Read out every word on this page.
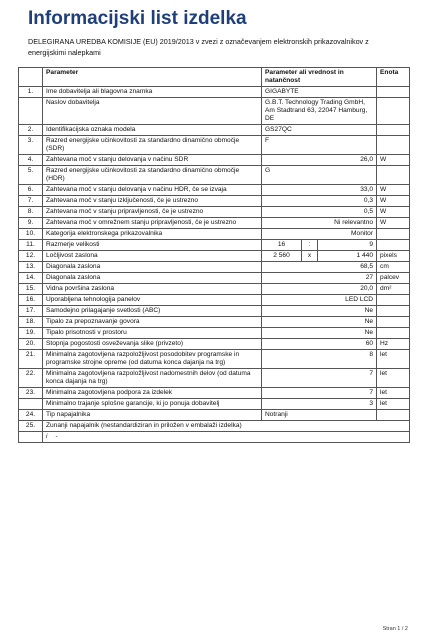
Informacijski list izdelka
DELEGIRANA UREDBA KOMISIJE (EU) 2019/2013 v zvezi z označevanjem elektronskih prikazovalnikov z energijskimi nalepkami
	Parameter	Parameter ali vrednost in natančnost			Enota
1.	Ime dobavitelja ali blagovna znamka	GIGABYTE			
	Naslov dobavitelja	G.B.T. Technology Trading GmbH, Am Stadtrand 63, 22047 Hamburg, DE			
2.	Identifikacijska oznaka modela	GS27QC			
3.	Razred energijske učinkovitosti za standardno dinamično območje (SDR)	F			
4.	Zahtevana moč v stanju delovanja v načinu SDR	26,0			W
5.	Razred energijske učinkovitosti za standardno dinamično območje (HDR)	G			
6.	Zahtevana moč v stanju delovanja v načinu HDR, če se izvaja	33,0			W
7.	Zahtevana moč v stanju izključenosti, če je ustrezno	0,3			W
8.	Zahtevana moč v stanju pripravljenosti, če je ustrezno	0,5			W
9.	Zahtevana moč v omrežnem stanju pripravljenosti, če je ustrezno	Ni relevantno			W
10.	Kategorija elektronskega prikazovalnika	Monitor			
11.	Razmerje velikosti	16	:	9	
12.	Ločljivost zaslona	2 560	x	1 440	pixels
13.	Diagonala zaslona	68,5			cm
14.	Diagonala zaslona	27			palcev
15.	Vidna površina zaslona	20,0			dm²
16.	Uporabljena tehnologija panelov	LED LCD			
17.	Samodejno prilagajanje svetlosti (ABC)	Ne			
18.	Tipalo za prepoznavanje govora	Ne			
19.	Tipalo prisotnosti v prostoru	Ne			
20.	Stopnja pogostosti osveževanja slike (privzeto)	60			Hz
21.	Minimalna zagotovljena razpoložljivost posodobitev programske in programske strojne opreme (od datuma konca dajanja na trg)	8			let
22.	Minimalna zagotovljena razpoložljivost nadomestnih delov (od datuma konca dajanja na trg)	7			let
23.	Minimalna zagotovljena podpora za izdelek	7			let
	Minimalno trajanje splošne garancije, ki jo ponuja dobavitelj	3			let
24.	Tip napajalnika	Notranji			
25.	Zunanji napajalnik (nestandardiziran in priložen v embalaži izdelka)				
	i -				
Stran 1 / 2
